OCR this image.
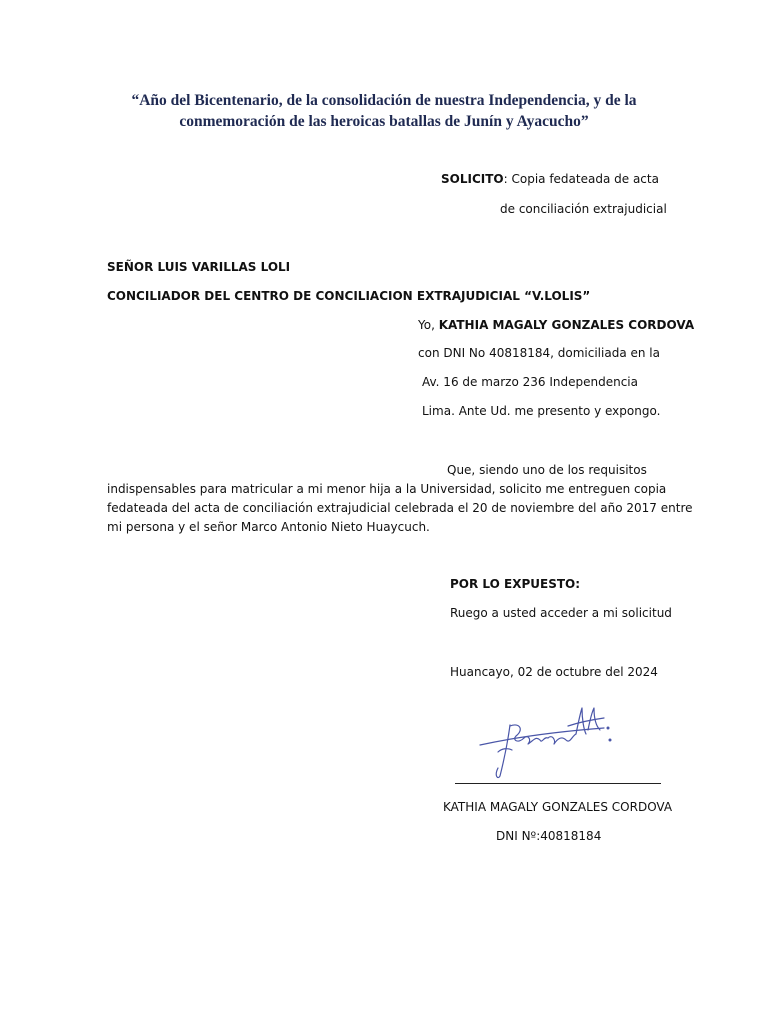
“Año del Bicentenario, de la consolidación de nuestra Independencia, y de la
conmemoración de las heroicas batallas de Junín y Ayacucho”
SOLICITO: Copia fedateada de acta
de conciliación extrajudicial
SEÑOR LUIS VARILLAS LOLI
CONCILIADOR DEL CENTRO DE CONCILIACION EXTRAJUDICIAL “V.LOLIS”
Yo, KATHIA MAGALY GONZALES CORDOVA
con DNI No 40818184, domiciliada en la
Av. 16 de marzo 236 Independencia
Lima. Ante Ud. me presento y expongo.
Que, siendo uno de los requisitos
indispensables para matricular a mi menor hija a la Universidad, solicito me entreguen copia
fedateada del acta de conciliación extrajudicial celebrada el 20 de noviembre del año 2017 entre
mi persona y el señor Marco Antonio Nieto Huaycuch.
POR LO EXPUESTO:
Ruego a usted acceder a mi solicitud
Huancayo, 02 de octubre del 2024
KATHIA MAGALY GONZALES CORDOVA
DNI Nº:40818184
